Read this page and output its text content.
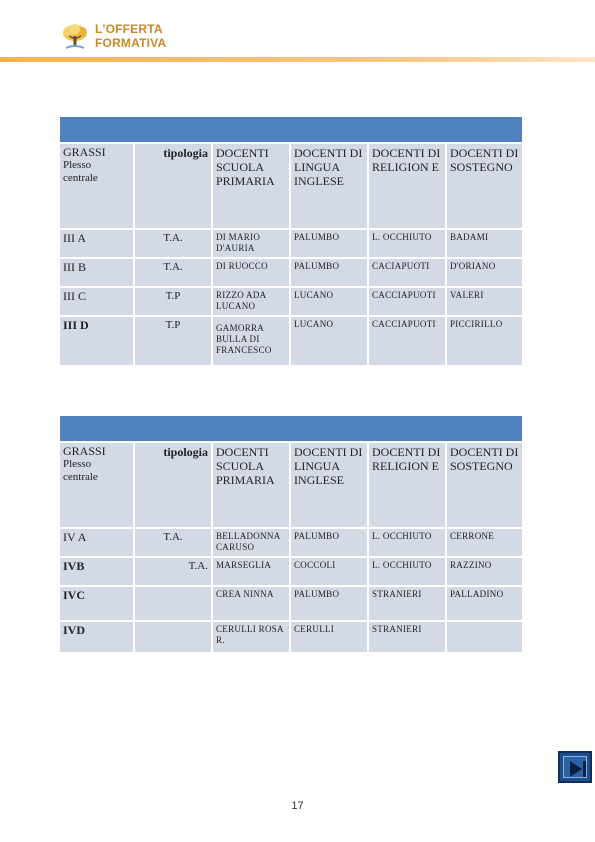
L'OFFERTA
FORMATIVA

GRASSI
Plesso
centrale	tipologia	DOCENTI SCUOLA PRIMARIA	DOCENTI DI LINGUA INGLESE	DOCENTI DI RELIGION E	DOCENTI DI SOSTEGNO
III A	T.A.	DI MARIO D'AURIA	PALUMBO	L. OCCHIUTO	BADAMI
III B	T.A.	DI RUOCCO	PALUMBO	CACIAPUOTI	D'ORIANO
III C	T.P	RIZZO ADA LUCANO	LUCANO	CACCIAPUOTI	VALERI
III D	T.P	GAMORRA BULLA DI FRANCESCO	LUCANO	CACCIAPUOTI	PICCIRILLO

GRASSI
Plesso
centrale	tipologia	DOCENTI SCUOLA PRIMARIA	DOCENTI DI LINGUA INGLESE	DOCENTI DI RELIGION E	DOCENTI DI SOSTEGNO
IV A	T.A.	BELLADONNA CARUSO	PALUMBO	L. OCCHIUTO	CERRONE
IVB	T.A.	MARSEGLIA	COCCOLI	L. OCCHIUTO	RAZZINO
IVC		CREA NINNA	PALUMBO	STRANIERI	PALLADINO
IVD		CERULLI ROSA R.	CERULLI	STRANIERI	
17
